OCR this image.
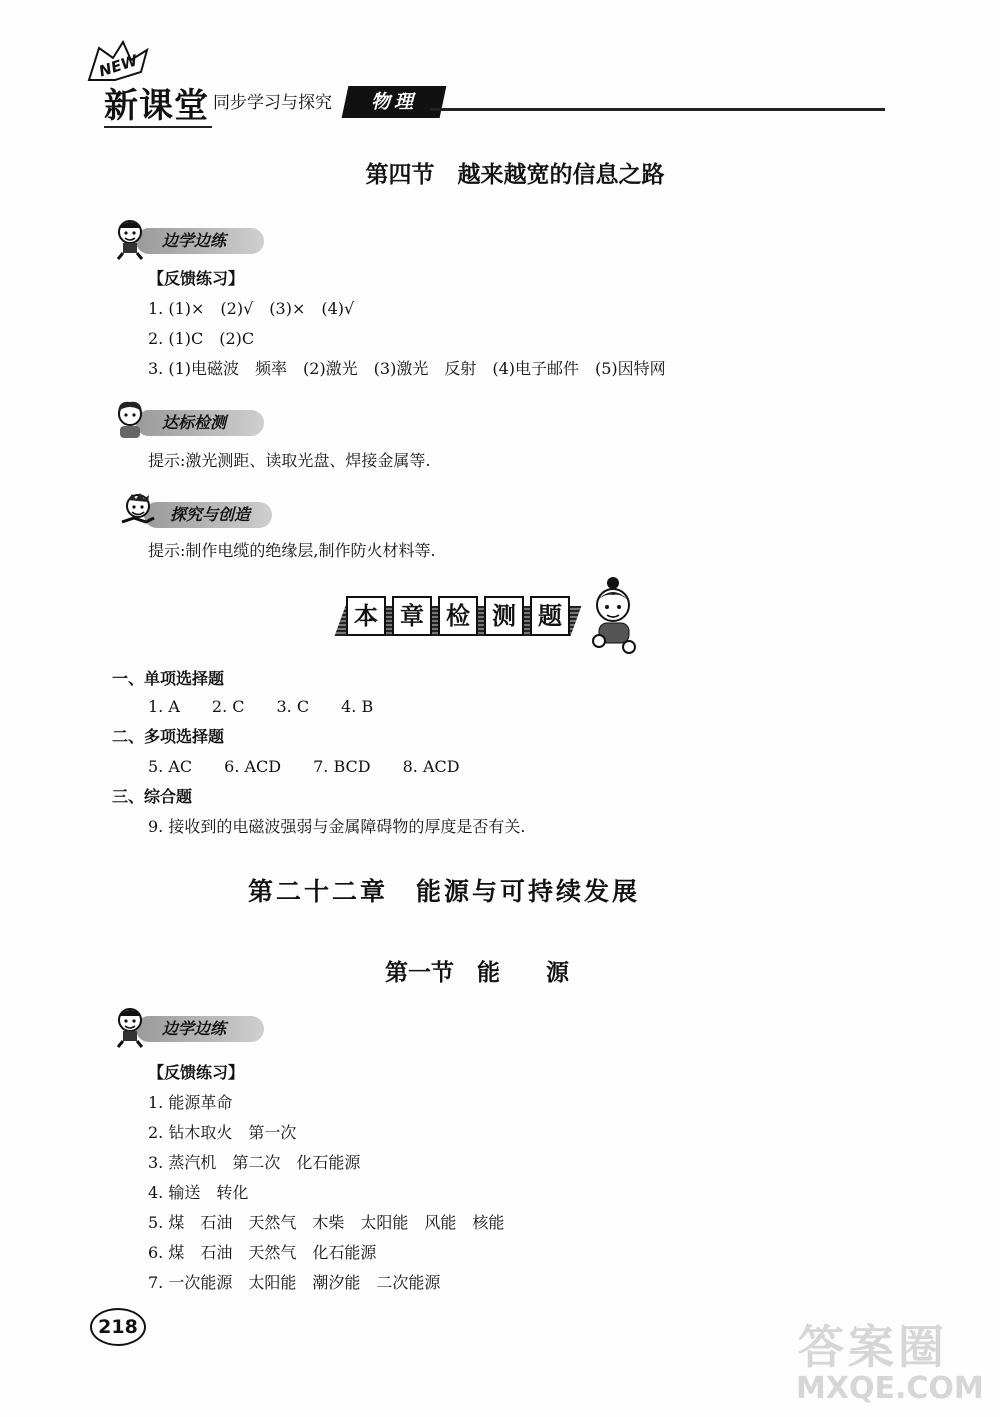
NEW
新课堂 同步学习与探究	物理
第四节　越来越宽的信息之路
边学边练
【反馈练习】
1. (1)×　(2)√　(3)×　(4)√
2. (1)C　(2)C
3. (1)电磁波　频率　(2)激光　(3)激光　反射　(4)电子邮件　(5)因特网
达标检测
提示:激光测距、读取光盘、焊接金属等.
探究与创造
提示:制作电缆的绝缘层,制作防火材料等.
本 章 检 测 题
一、单项选择题
1. A　　2. C　　3. C　　4. B
二、多项选择题
5. AC　　6. ACD　　7. BCD　　8. ACD
三、综合题
9. 接收到的电磁波强弱与金属障碍物的厚度是否有关.
第二十二章　能源与可持续发展
第一节　能　　源
边学边练
【反馈练习】
1. 能源革命
2. 钻木取火　第一次
3. 蒸汽机　第二次　化石能源
4. 输送　转化
5. 煤　石油　天然气　木柴　太阳能　风能　核能
6. 煤　石油　天然气　化石能源
7. 一次能源　太阳能　潮汐能　二次能源
218	答案圈
MXQE.COM
